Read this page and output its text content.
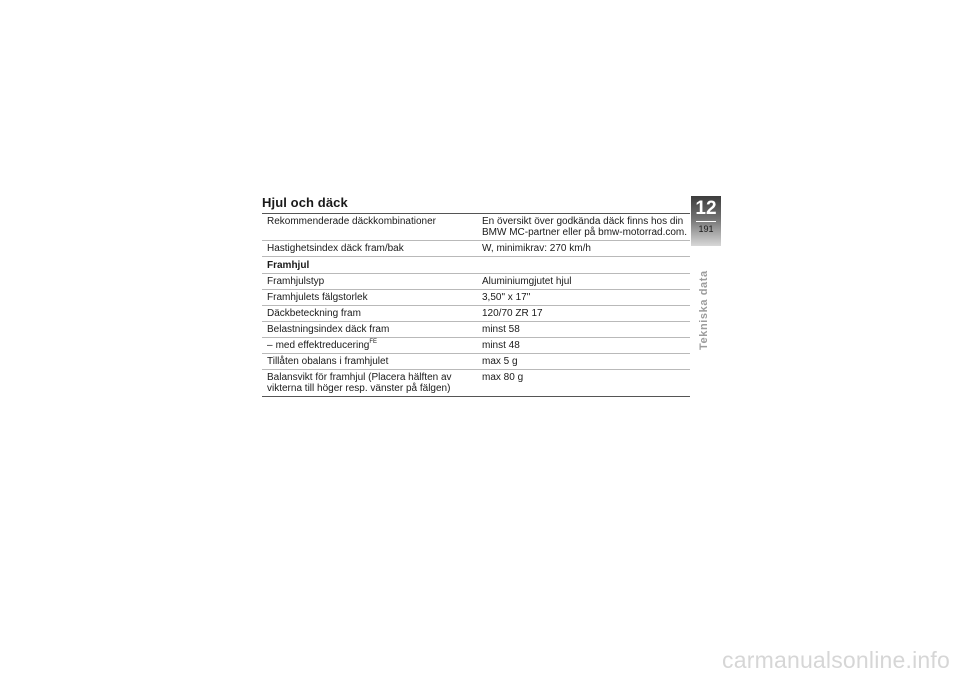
Hjul och däck
Rekommenderade däckkombinationer	En översikt över godkända däck finns hos din BMW MC-partner eller på bmw-motorrad.com.
Hastighetsindex däck fram/bak	W, minimikrav: 270 km/h
Framhjul	
Framhjulstyp	Aluminiumgjutet hjul
Framhjulets fälgstorlek	3,50" x 17"
Däckbeteckning fram	120/70 ZR 17
Belastningsindex däck fram	minst 58
– med effektreducering$^{FE}$	minst 48
Tillåten obalans i framhjulet	max 5 g
Balansvikt för framhjul (Placera hälften av vikterna till höger resp. vänster på fälgen)	max 80 g
12
191
Tekniska data
carmanualsonline.info
